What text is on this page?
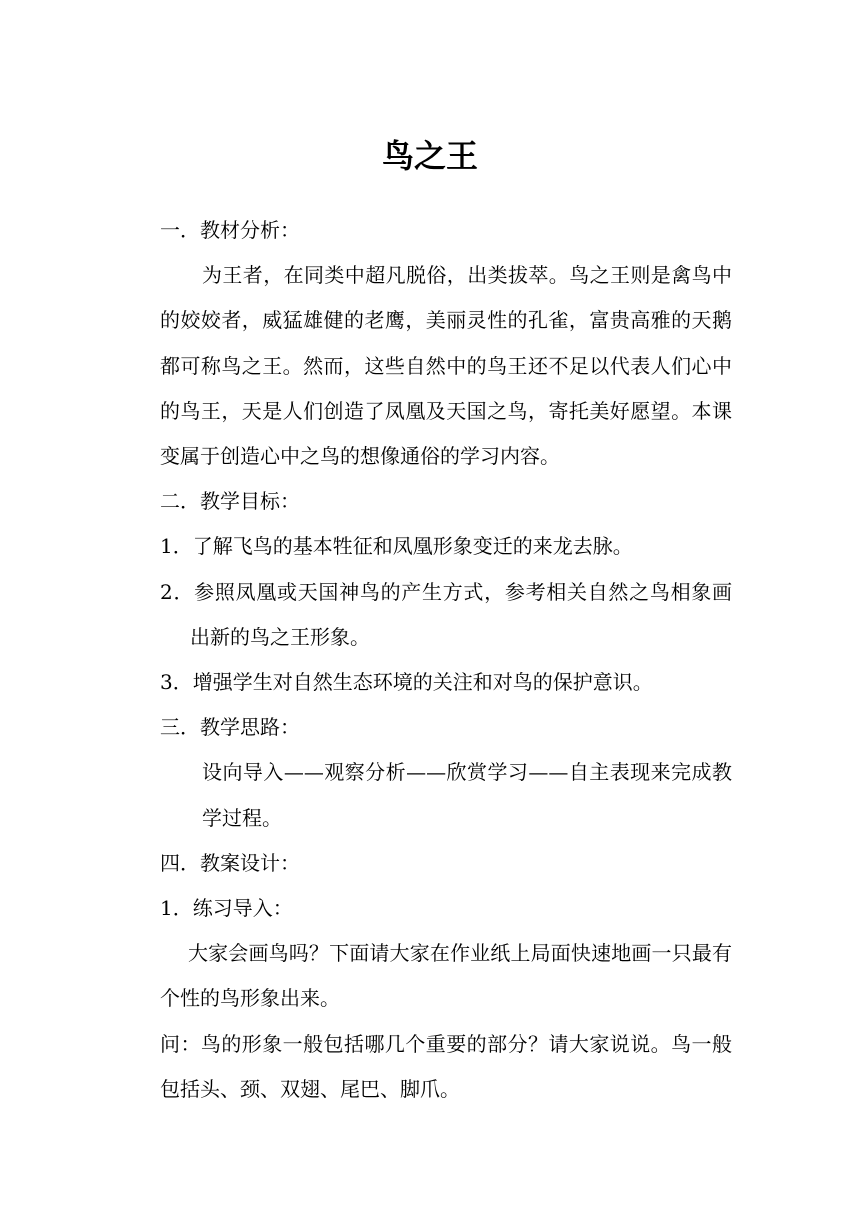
鸟之王

一．教材分析：

为王者，在同类中超凡脱俗，出类拔萃。鸟之王则是禽鸟中的姣姣者，威猛雄健的老鹰，美丽灵性的孔雀，富贵高雅的天鹅都可称鸟之王。然而，这些自然中的鸟王还不足以代表人们心中的鸟王，天是人们创造了凤凰及天国之鸟，寄托美好愿望。本课变属于创造心中之鸟的想像通俗的学习内容。

二．教学目标：

1．了解飞鸟的基本牲征和凤凰形象变迁的来龙去脉。

2．参照凤凰或天国神鸟的产生方式，参考相关自然之鸟相象画出新的鸟之王形象。

3．增强学生对自然生态环境的关注和对鸟的保护意识。

三．教学思路：

设向导入——观察分析——欣赏学习——自主表现来完成教学过程。

四．教案设计：

1．练习导入：

大家会画鸟吗？下面请大家在作业纸上局面快速地画一只最有个性的鸟形象出来。

问：鸟的形象一般包括哪几个重要的部分？请大家说说。鸟一般包括头、颈、双翅、尾巴、脚爪。
